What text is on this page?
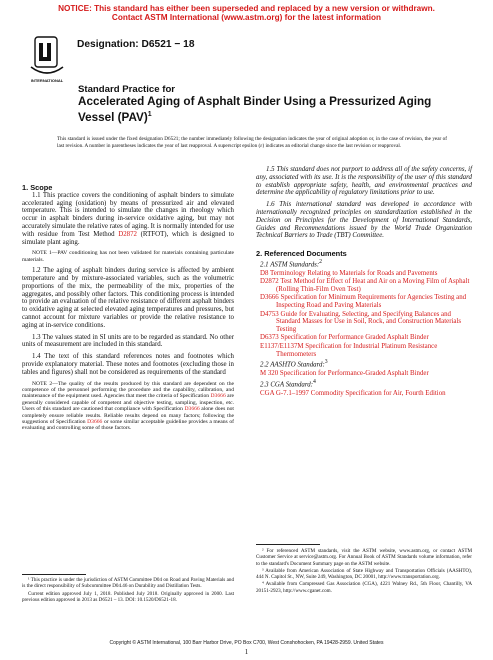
NOTICE: This standard has either been superseded and replaced by a new version or withdrawn.
Contact ASTM International (www.astm.org) for the latest information
INTERNATIONAL
Designation: D6521 − 18
Standard Practice for
Accelerated Aging of Asphalt Binder Using a Pressurized Aging Vessel (PAV)$^1$
This standard is issued under the fixed designation D6521; the number immediately following the designation indicates the year of original adoption or, in the case of revision, the year of last revision. A number in parentheses indicates the year of last reapproval. A superscript epsilon (ε) indicates an editorial change since the last revision or reapproval.

1. Scope

1.1 This practice covers the conditioning of asphalt binders to simulate accelerated aging (oxidation) by means of pressurized air and elevated temperature. This is intended to simulate the changes in rheology which occur in asphalt binders during in-service oxidative aging, but may not accurately simulate the relative rates of aging. It is normally intended for use with residue from Test Method D2872 (RTFOT), which is designed to simulate plant aging.

NOTE 1—PAV conditioning has not been validated for materials containing particulate materials.

1.2 The aging of asphalt binders during service is affected by ambient temperature and by mixture-associated variables, such as the volumetric proportions of the mix, the permeability of the mix, properties of the aggregates, and possibly other factors. This conditioning process is intended to provide an evaluation of the relative resistance of different asphalt binders to oxidative aging at selected elevated aging temperatures and pressures, but cannot account for mixture variables or provide the relative resistance to aging at in-service conditions.

1.3 The values stated in SI units are to be regarded as standard. No other units of measurement are included in this standard.

1.4 The text of this standard references notes and footnotes which provide explanatory material. These notes and footnotes (excluding those in tables and figures) shall not be considered as requirements of the standard

NOTE 2—The quality of the results produced by this standard are dependent on the competence of the personnel performing the procedure and the capability, calibration, and maintenance of the equipment used. Agencies that meet the criteria of Specification D3666 are generally considered capable of competent and objective testing, sampling, inspection, etc. Users of this standard are cautioned that compliance with Specification D3666 alone does not completely ensure reliable results. Reliable results depend on many factors; following the suggestions of Specification D3666 or some similar acceptable guideline provides a means of evaluating and controlling some of those factors.

1.5 This standard does not purport to address all of the safety concerns, if any, associated with its use. It is the responsibility of the user of this standard to establish appropriate safety, health, and environmental practices and determine the applicability of regulatory limitations prior to use.

1.6 This international standard was developed in accordance with internationally recognized principles on standardization established in the Decision on Principles for the Development of International Standards, Guides and Recommendations issued by the World Trade Organization Technical Barriers to Trade (TBT) Committee.

2. Referenced Documents

2.1 ASTM Standards:$^2$

D8 Terminology Relating to Materials for Roads and Pavements

D2872 Test Method for Effect of Heat and Air on a Moving Film of Asphalt (Rolling Thin-Film Oven Test)

D3666 Specification for Minimum Requirements for Agencies Testing and Inspecting Road and Paving Materials

D4753 Guide for Evaluating, Selecting, and Specifying Balances and Standard Masses for Use in Soil, Rock, and Construction Materials Testing

D6373 Specification for Performance Graded Asphalt Binder

E1137/E1137M Specification for Industrial Platinum Resistance Thermometers

2.2 AASHTO Standard:$^3$

M 320 Specification for Performance-Graded Asphalt Binder

2.3 CGA Standard:$^4$

CGA G-7.1–1997 Commodity Specification for Air, Fourth Edition

¹ This practice is under the jurisdiction of ASTM Committee D04 on Road and Paving Materials and is the direct responsibility of Subcommittee D04.46 on Durability and Distillation Tests.

Current edition approved July 1, 2018. Published July 2018. Originally approved in 2000. Last previous edition approved in 2013 as D6521 – 13. DOI: 10.1520/D6521-18.

² For referenced ASTM standards, visit the ASTM website, www.astm.org, or contact ASTM Customer Service at service@astm.org. For Annual Book of ASTM Standards volume information, refer to the standard's Document Summary page on the ASTM website.

³ Available from American Association of State Highway and Transportation Officials (AASHTO), 444 N. Capitol St., NW, Suite 249, Washington, DC 20001, http://www.transportation.org.

⁴ Available from Compressed Gas Association (CGA), 4221 Walney Rd., 5th Floor, Chantilly, VA 20151-2923, http://www.cganet.com.

Copyright © ASTM International, 100 Barr Harbor Drive, PO Box C700, West Conshohocken, PA 19428-2959. United States
1
